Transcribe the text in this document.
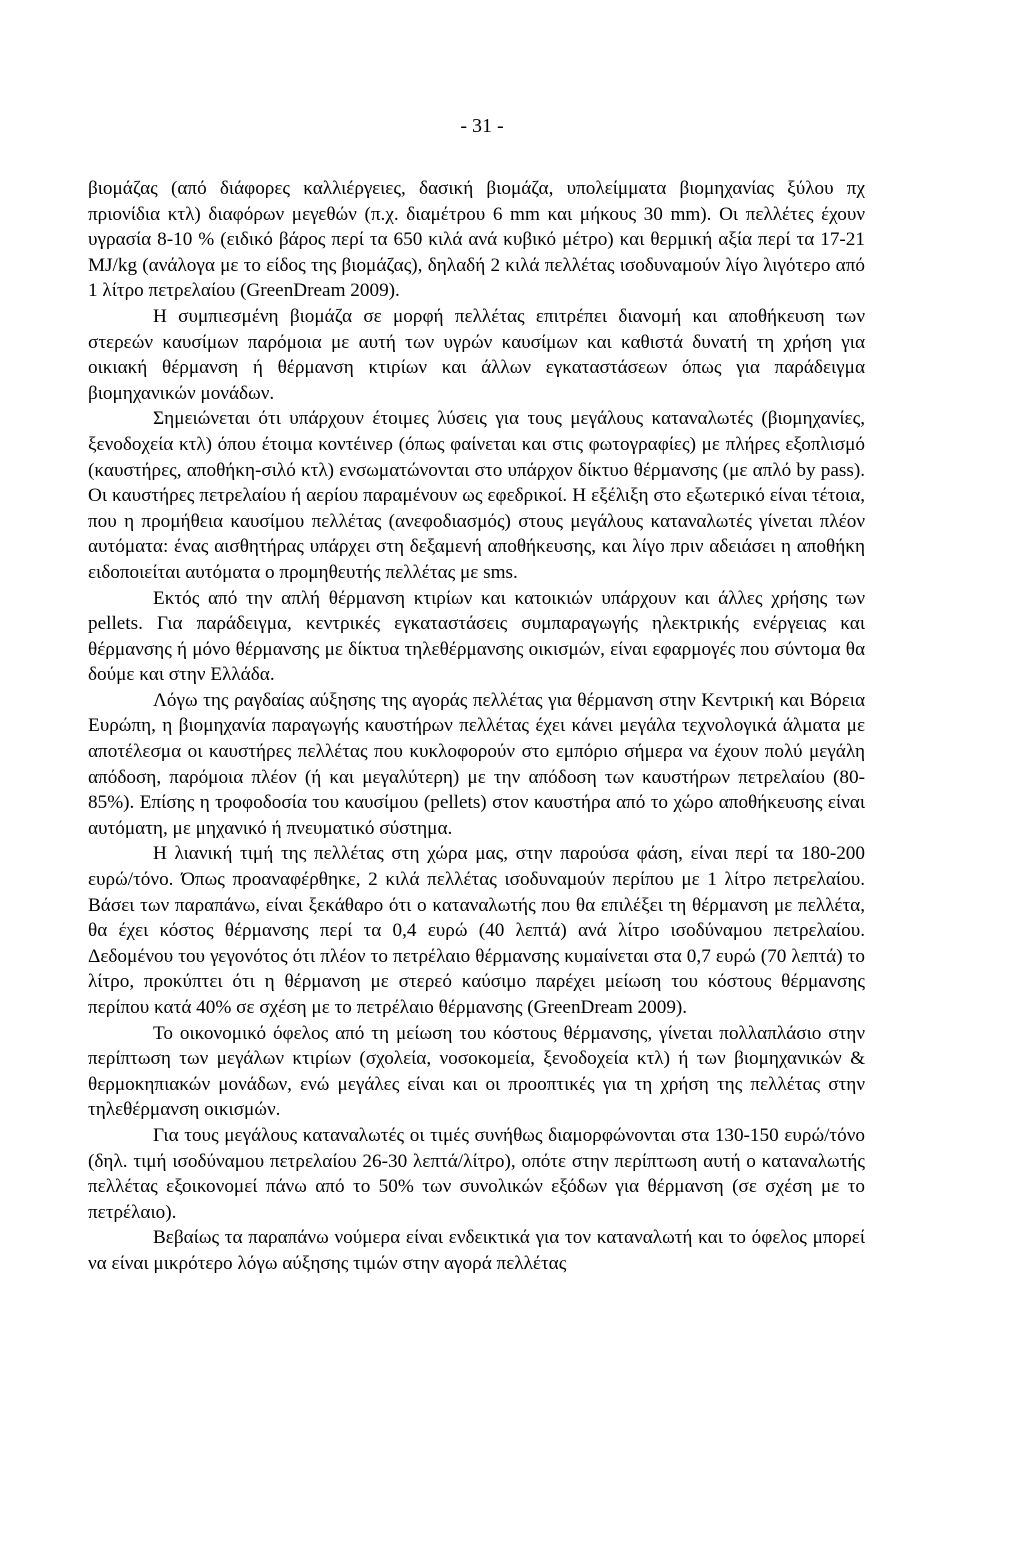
- 31 -

βιομάζας (από διάφορες καλλιέργειες, δασική βιομάζα, υπολείμματα βιομηχανίας ξύλου πχ πριονίδια κτλ) διαφόρων μεγεθών (π.χ. διαμέτρου 6 mm και μήκους 30 mm). Οι πελλέτες έχουν υγρασία 8-10 % (ειδικό βάρος περί τα 650 κιλά ανά κυβικό μέτρο) και θερμική αξία περί τα 17-21 MJ/kg (ανάλογα με το είδος της βιομάζας), δηλαδή 2 κιλά πελλέτας ισοδυναμούν λίγο λιγότερο από 1 λίτρο πετρελαίου (GreenDream 2009).

Η συμπιεσμένη βιομάζα σε μορφή πελλέτας επιτρέπει διανομή και αποθήκευση των στερεών καυσίμων παρόμοια με αυτή των υγρών καυσίμων και καθιστά δυνατή τη χρήση για οικιακή θέρμανση ή θέρμανση κτιρίων και άλλων εγκαταστάσεων όπως για παράδειγμα βιομηχανικών μονάδων.

Σημειώνεται ότι υπάρχουν έτοιμες λύσεις για τους μεγάλους καταναλωτές (βιομηχανίες, ξενοδοχεία κτλ) όπου έτοιμα κοντέινερ (όπως φαίνεται και στις φωτογραφίες) με πλήρες εξοπλισμό (καυστήρες, αποθήκη-σιλό κτλ) ενσωματώνονται στο υπάρχον δίκτυο θέρμανσης (με απλό by pass). Οι καυστήρες πετρελαίου ή αερίου παραμένουν ως εφεδρικοί. Η εξέλιξη στο εξωτερικό είναι τέτοια, που η προμήθεια καυσίμου πελλέτας (ανεφοδιασμός) στους μεγάλους καταναλωτές γίνεται πλέον αυτόματα: ένας αισθητήρας υπάρχει στη δεξαμενή αποθήκευσης, και λίγο πριν αδειάσει η αποθήκη ειδοποιείται αυτόματα ο προμηθευτής πελλέτας με sms.

Εκτός από την απλή θέρμανση κτιρίων και κατοικιών υπάρχουν και άλλες χρήσης των pellets. Για παράδειγμα, κεντρικές εγκαταστάσεις συμπαραγωγής ηλεκτρικής ενέργειας και θέρμανσης ή μόνο θέρμανσης με δίκτυα τηλεθέρμανσης οικισμών, είναι εφαρμογές που σύντομα θα δούμε και στην Ελλάδα.

Λόγω της ραγδαίας αύξησης της αγοράς πελλέτας για θέρμανση στην Κεντρική και Βόρεια Ευρώπη, η βιομηχανία παραγωγής καυστήρων πελλέτας έχει κάνει μεγάλα τεχνολογικά άλματα με αποτέλεσμα οι καυστήρες πελλέτας που κυκλοφορούν στο εμπόριο σήμερα να έχουν πολύ μεγάλη απόδοση, παρόμοια πλέον (ή και μεγαλύτερη) με την απόδοση των καυστήρων πετρελαίου (80-85%). Επίσης η τροφοδοσία του καυσίμου (pellets) στον καυστήρα από το χώρο αποθήκευσης είναι αυτόματη, με μηχανικό ή πνευματικό σύστημα.

Η λιανική τιμή της πελλέτας στη χώρα μας, στην παρούσα φάση, είναι περί τα 180-200 ευρώ/τόνο. Όπως προαναφέρθηκε, 2 κιλά πελλέτας ισοδυναμούν περίπου με 1 λίτρο πετρελαίου. Βάσει των παραπάνω, είναι ξεκάθαρο ότι ο καταναλωτής που θα επιλέξει τη θέρμανση με πελλέτα, θα έχει κόστος θέρμανσης περί τα 0,4 ευρώ (40 λεπτά) ανά λίτρο ισοδύναμου πετρελαίου. Δεδομένου του γεγονότος ότι πλέον το πετρέλαιο θέρμανσης κυμαίνεται στα 0,7 ευρώ (70 λεπτά) το λίτρο, προκύπτει ότι η θέρμανση με στερεό καύσιμο παρέχει μείωση του κόστους θέρμανσης περίπου κατά 40% σε σχέση με το πετρέλαιο θέρμανσης (GreenDream 2009).

Το οικονομικό όφελος από τη μείωση του κόστους θέρμανσης, γίνεται πολλαπλάσιο στην περίπτωση των μεγάλων κτιρίων (σχολεία, νοσοκομεία, ξενοδοχεία κτλ) ή των βιομηχανικών & θερμοκηπιακών μονάδων, ενώ μεγάλες είναι και οι προοπτικές για τη χρήση της πελλέτας στην τηλεθέρμανση οικισμών.

Για τους μεγάλους καταναλωτές οι τιμές συνήθως διαμορφώνονται στα 130-150 ευρώ/τόνο (δηλ. τιμή ισοδύναμου πετρελαίου 26-30 λεπτά/λίτρο), οπότε στην περίπτωση αυτή ο καταναλωτής πελλέτας εξοικονομεί πάνω από το 50% των συνολικών εξόδων για θέρμανση (σε σχέση με το πετρέλαιο).

Βεβαίως τα παραπάνω νούμερα είναι ενδεικτικά για τον καταναλωτή και το όφελος μπορεί να είναι μικρότερο λόγω αύξησης τιμών στην αγορά πελλέτας
